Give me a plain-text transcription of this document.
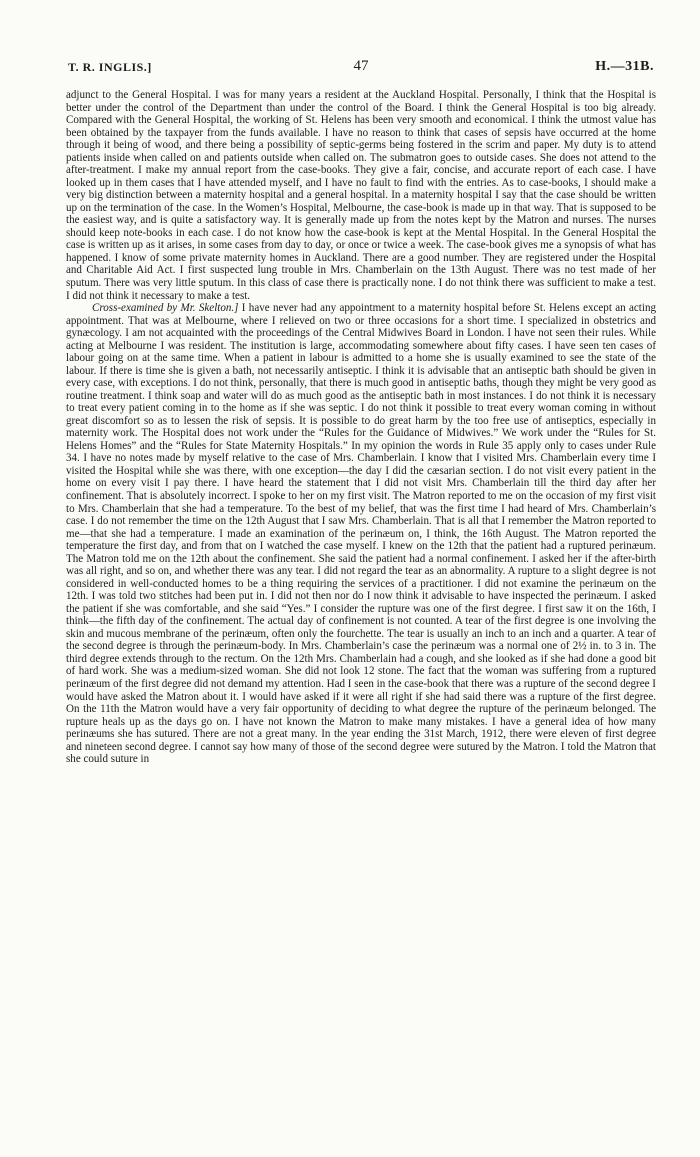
T. R. INGLIS.]	47	H.—31B.

adjunct to the General Hospital. I was for many years a resident at the Auckland Hospital. Personally, I think that the Hospital is better under the control of the Department than under the control of the Board. I think the General Hospital is too big already. Compared with the General Hospital, the working of St. Helens has been very smooth and economical. I think the utmost value has been obtained by the taxpayer from the funds available. I have no reason to think that cases of sepsis have occurred at the home through it being of wood, and there being a possibility of septic-germs being fostered in the scrim and paper. My duty is to attend patients inside when called on and patients outside when called on. The submatron goes to outside cases. She does not attend to the after-treatment. I make my annual report from the case-books. They give a fair, concise, and accurate report of each case. I have looked up in them cases that I have attended myself, and I have no fault to find with the entries. As to case-books, I should make a very big distinction between a maternity hospital and a general hospital. In a maternity hospital I say that the case should be written up on the termination of the case. In the Women’s Hospital, Melbourne, the case-book is made up in that way. That is supposed to be the easiest way, and is quite a satisfactory way. It is generally made up from the notes kept by the Matron and nurses. The nurses should keep note-books in each case. I do not know how the case-book is kept at the Mental Hospital. In the General Hospital the case is written up as it arises, in some cases from day to day, or once or twice a week. The case-book gives me a synopsis of what has happened. I know of some private maternity homes in Auckland. There are a good number. They are registered under the Hospital and Charitable Aid Act. I first suspected lung trouble in Mrs. Chamberlain on the 13th August. There was no test made of her sputum. There was very little sputum. In this class of case there is practically none. I do not think there was sufficient to make a test. I did not think it necessary to make a test.

Cross-examined by Mr. Skelton.] I have never had any appointment to a maternity hospital before St. Helens except an acting appointment. That was at Melbourne, where I relieved on two or three occasions for a short time. I specialized in obstetrics and gynæcology. I am not acquainted with the proceedings of the Central Midwives Board in London. I have not seen their rules. While acting at Melbourne I was resident. The institution is large, accommodating somewhere about fifty cases. I have seen ten cases of labour going on at the same time. When a patient in labour is admitted to a home she is usually examined to see the state of the labour. If there is time she is given a bath, not necessarily antiseptic. I think it is advisable that an antiseptic bath should be given in every case, with exceptions. I do not think, personally, that there is much good in antiseptic baths, though they might be very good as routine treatment. I think soap and water will do as much good as the antiseptic bath in most instances. I do not think it is necessary to treat every patient coming in to the home as if she was septic. I do not think it possible to treat every woman coming in without great discomfort so as to lessen the risk of sepsis. It is possible to do great harm by the too free use of antiseptics, especially in maternity work. The Hospital does not work under the “Rules for the Guidance of Midwives.” We work under the “Rules for St. Helens Homes” and the “Rules for State Maternity Hospitals.” In my opinion the words in Rule 35 apply only to cases under Rule 34. I have no notes made by myself relative to the case of Mrs. Chamberlain. I know that I visited Mrs. Chamberlain every time I visited the Hospital while she was there, with one exception—the day I did the cæsarian section. I do not visit every patient in the home on every visit I pay there. I have heard the statement that I did not visit Mrs. Chamberlain till the third day after her confinement. That is absolutely incorrect. I spoke to her on my first visit. The Matron reported to me on the occasion of my first visit to Mrs. Chamberlain that she had a temperature. To the best of my belief, that was the first time I had heard of Mrs. Chamberlain’s case. I do not remember the time on the 12th August that I saw Mrs. Chamberlain. That is all that I remember the Matron reported to me—that she had a temperature. I made an examination of the perinæum on, I think, the 16th August. The Matron reported the temperature the first day, and from that on I watched the case myself. I knew on the 12th that the patient had a ruptured perinæum. The Matron told me on the 12th about the confinement. She said the patient had a normal confinement. I asked her if the after-birth was all right, and so on, and whether there was any tear. I did not regard the tear as an abnormality. A rupture to a slight degree is not considered in well-conducted homes to be a thing requiring the services of a practitioner. I did not examine the perinæum on the 12th. I was told two stitches had been put in. I did not then nor do I now think it advisable to have inspected the perinæum. I asked the patient if she was comfortable, and she said “Yes.” I consider the rupture was one of the first degree. I first saw it on the 16th, I think—the fifth day of the confinement. The actual day of confinement is not counted. A tear of the first degree is one involving the skin and mucous membrane of the perinæum, often only the fourchette. The tear is usually an inch to an inch and a quarter. A tear of the second degree is through the perinæum-body. In Mrs. Chamberlain’s case the perinæum was a normal one of 2½ in. to 3 in. The third degree extends through to the rectum. On the 12th Mrs. Chamberlain had a cough, and she looked as if she had done a good bit of hard work. She was a medium-sized woman. She did not look 12 stone. The fact that the woman was suffering from a ruptured perinæum of the first degree did not demand my attention. Had I seen in the case-book that there was a rupture of the second degree I would have asked the Matron about it. I would have asked if it were all right if she had said there was a rupture of the first degree. On the 11th the Matron would have a very fair opportunity of deciding to what degree the rupture of the perinæum belonged. The rupture heals up as the days go on. I have not known the Matron to make many mistakes. I have a general idea of how many perinæums she has sutured. There are not a great many. In the year ending the 31st March, 1912, there were eleven of first degree and nineteen second degree. I cannot say how many of those of the second degree were sutured by the Matron. I told the Matron that she could suture in
